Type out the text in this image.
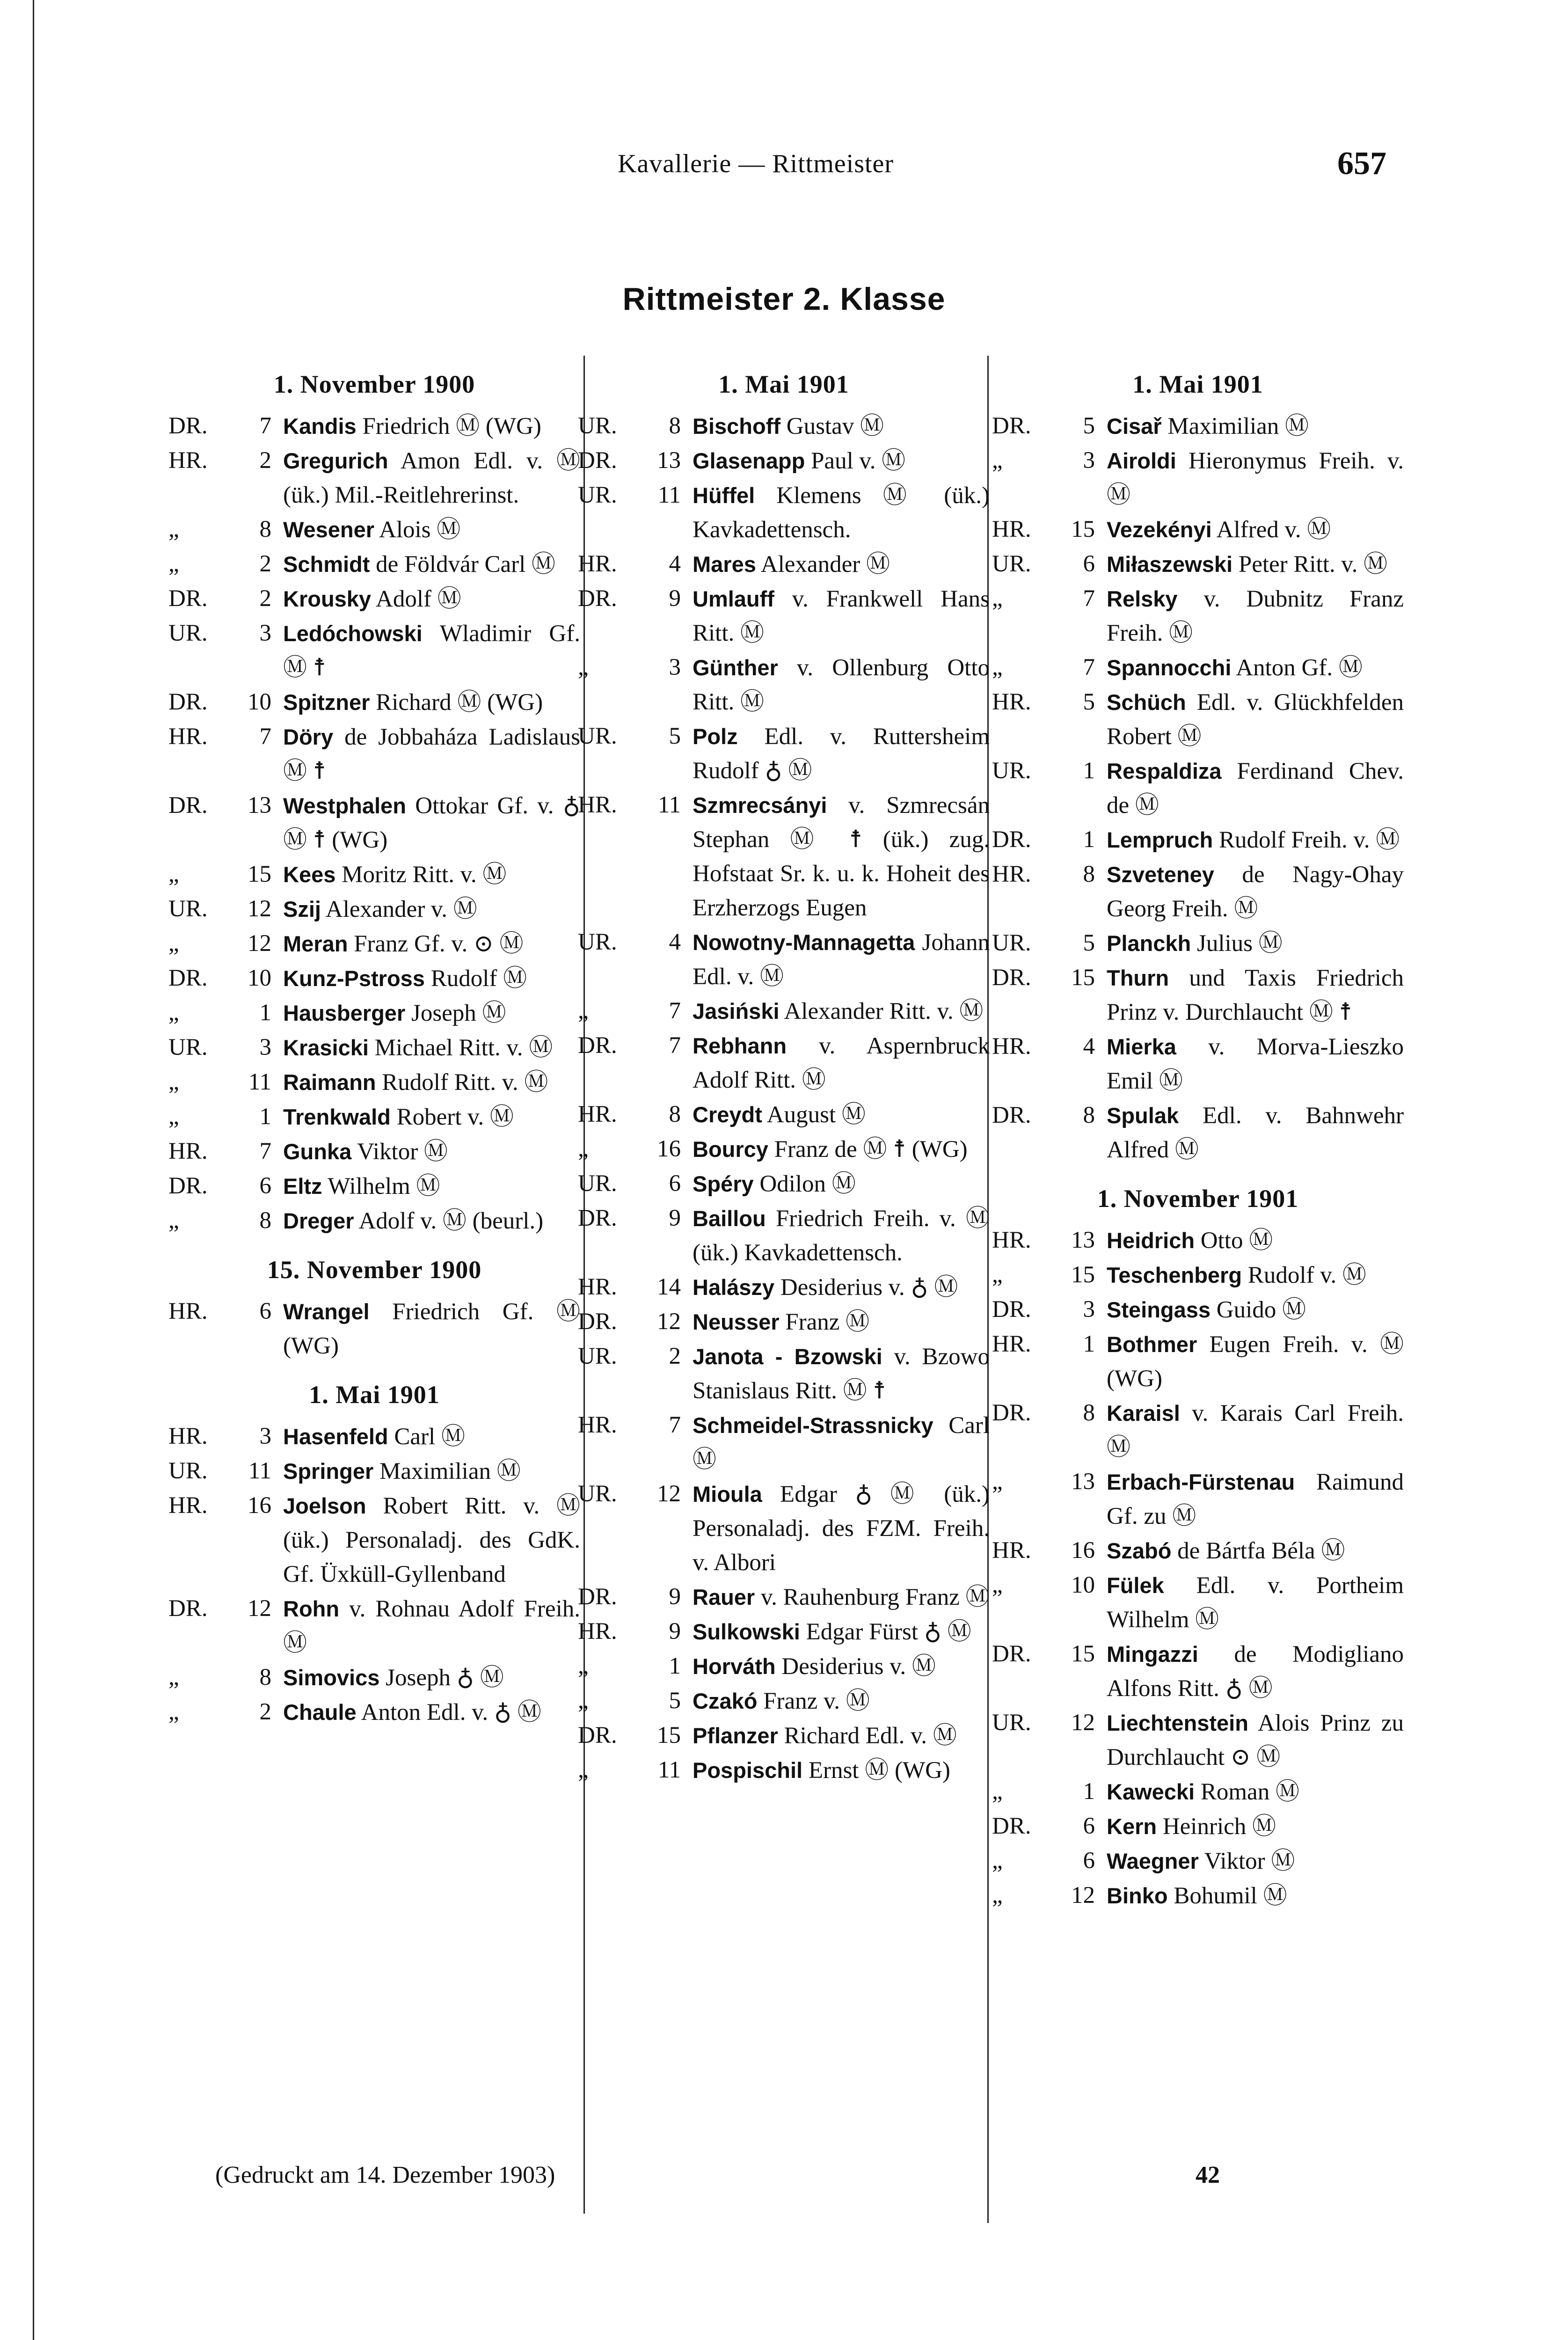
Kavallerie — Rittmeister	657
Rittmeister 2. Klasse
1. November 1900
DR.	7 Kandis Friedrich Ⓜ (WG)
HR.	2 Gregurich Amon Edl. v. Ⓜ (ük.) Mil.-Reitlehrerinst.
„	8 Wesener Alois Ⓜ
„	2 Schmidt de Földvár Carl Ⓜ
DR.	2 Krousky Adolf Ⓜ
UR.	3 Ledóchowski Wladimir Gf. Ⓜ ☨
DR.	10 Spitzner Richard Ⓜ (WG)
HR.	7 Döry de Jobbaháza Ladislaus Ⓜ ☨
DR.	13 Westphalen Ottokar Gf. v. ♁ Ⓜ ☨ (WG)
„	15 Kees Moritz Ritt. v. Ⓜ
UR.	12 Szij Alexander v. Ⓜ
„	12 Meran Franz Gf. v. ⊙ Ⓜ
DR.	10 Kunz-Pstross Rudolf Ⓜ
„	1 Hausberger Joseph Ⓜ
UR.	3 Krasicki Michael Ritt. v. Ⓜ
„	11 Raimann Rudolf Ritt. v. Ⓜ
„	1 Trenkwald Robert v. Ⓜ
HR.	7 Gunka Viktor Ⓜ
DR.	6 Eltz Wilhelm Ⓜ
„	8 Dreger Adolf v. Ⓜ (beurl.)
15. November 1900
HR.	6 Wrangel Friedrich Gf. Ⓜ (WG)
1. Mai 1901
HR.	3 Hasenfeld Carl Ⓜ
UR.	11 Springer Maximilian Ⓜ
HR.	16 Joelson Robert Ritt. v. Ⓜ (ük.) Personaladj. des GdK. Gf. Üxküll-Gyllenband
DR.	12 Rohn v. Rohnau Adolf Freih. Ⓜ
„	8 Simovics Joseph ♁ Ⓜ
„	2 Chaule Anton Edl. v. ♁ Ⓜ
1. Mai 1901
UR.	8 Bischoff Gustav Ⓜ
DR.	13 Glasenapp Paul v. Ⓜ
UR.	11 Hüffel Klemens Ⓜ (ük.) Kavkadettensch.
HR.	4 Mares Alexander Ⓜ
DR.	9 Umlauff v. Frankwell Hans Ritt. Ⓜ
„	3 Günther v. Ollenburg Otto Ritt. Ⓜ
UR.	5 Polz Edl. v. Ruttersheim Rudolf ♁ Ⓜ
HR.	11 Szmrecsányi v. Szmrecsán Stephan Ⓜ ☨ (ük.) zug. Hofstaat Sr. k. u. k. Hoheit des Erzherzogs Eugen
UR.	4 Nowotny-Mannagetta Johann Edl. v. Ⓜ
„	7 Jasiński Alexander Ritt. v. Ⓜ
DR.	7 Rebhann v. Aspernbruck Adolf Ritt. Ⓜ
HR.	8 Creydt August Ⓜ
„	16 Bourcy Franz de Ⓜ ☨ (WG)
UR.	6 Spéry Odilon Ⓜ
DR.	9 Baillou Friedrich Freih. v. Ⓜ (ük.) Kavkadettensch.
HR.	14 Halászy Desiderius v. ♁ Ⓜ
DR.	12 Neusser Franz Ⓜ
UR.	2 Janota - Bzowski v. Bzowo Stanislaus Ritt. Ⓜ ☨
HR.	7 Schmeidel-Strassnicky Carl Ⓜ
UR.	12 Mioula Edgar ♁ Ⓜ (ük.) Personaladj. des FZM. Freih. v. Albori
DR.	9 Rauer v. Rauhenburg Franz Ⓜ
HR.	9 Sulkowski Edgar Fürst ♁ Ⓜ
„	1 Horváth Desiderius v. Ⓜ
„	5 Czakó Franz v. Ⓜ
DR.	15 Pflanzer Richard Edl. v. Ⓜ
„	11 Pospischil Ernst Ⓜ (WG)
1. Mai 1901
DR.	5 Cisař Maximilian Ⓜ
„	3 Airoldi Hieronymus Freih. v. Ⓜ
HR.	15 Vezekényi Alfred v. Ⓜ
UR.	6 Miłaszewski Peter Ritt. v. Ⓜ
„	7 Relsky v. Dubnitz Franz Freih. Ⓜ
„	7 Spannocchi Anton Gf. Ⓜ
HR.	5 Schüch Edl. v. Glückhfelden Robert Ⓜ
UR.	1 Respaldiza Ferdinand Chev. de Ⓜ
DR.	1 Lempruch Rudolf Freih. v. Ⓜ
HR.	8 Szveteney de Nagy-Ohay Georg Freih. Ⓜ
UR.	5 Planckh Julius Ⓜ
DR.	15 Thurn und Taxis Friedrich Prinz v. Durchlaucht Ⓜ ☨
HR.	4 Mierka v. Morva-Lieszko Emil Ⓜ
DR.	8 Spulak Edl. v. Bahnwehr Alfred Ⓜ
1. November 1901
HR.	13 Heidrich Otto Ⓜ
„	15 Teschenberg Rudolf v. Ⓜ
DR.	3 Steingass Guido Ⓜ
HR.	1 Bothmer Eugen Freih. v. Ⓜ (WG)
DR.	8 Karaisl v. Karais Carl Freih. Ⓜ
„	13 Erbach-Fürstenau Raimund Gf. zu Ⓜ
HR.	16 Szabó de Bártfa Béla Ⓜ
„	10 Fülek Edl. v. Portheim Wilhelm Ⓜ
DR.	15 Mingazzi de Modigliano Alfons Ritt. ♁ Ⓜ
UR.	12 Liechtenstein Alois Prinz zu Durchlaucht ⊙ Ⓜ
„	1 Kawecki Roman Ⓜ
DR.	6 Kern Heinrich Ⓜ
„	6 Waegner Viktor Ⓜ
„	12 Binko Bohumil Ⓜ
(Gedruckt am 14. Dezember 1903)	42
